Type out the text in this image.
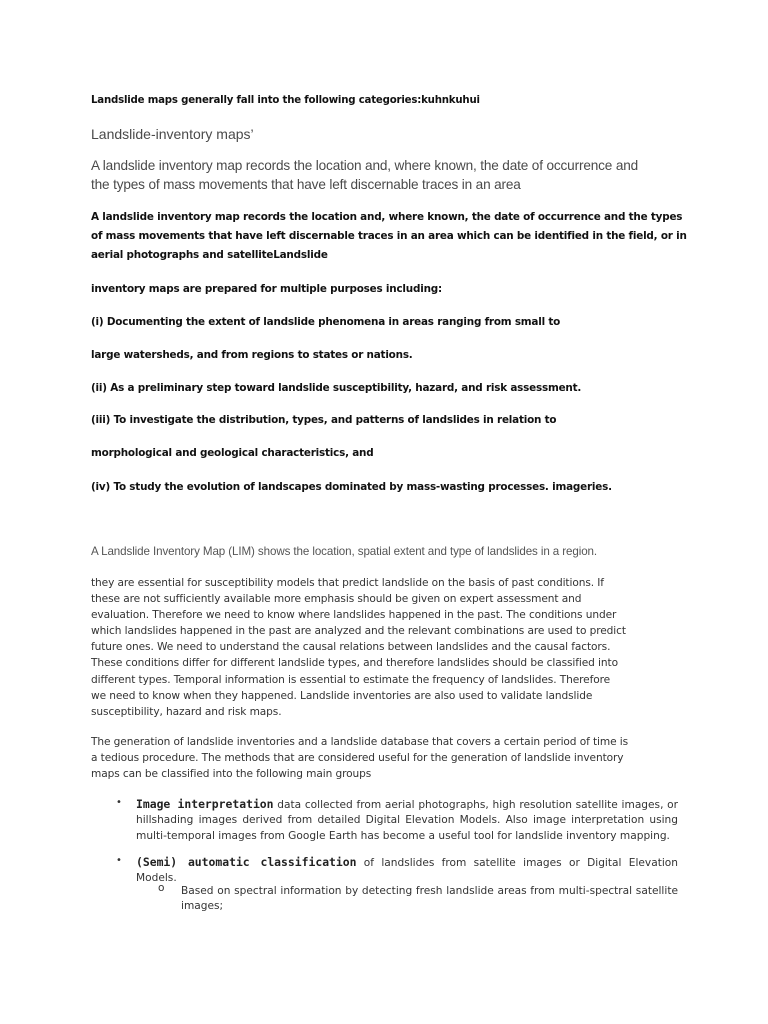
Landslide maps generally fall into the following categories:kuhnkuhui

Landslide-inventory maps’

A landslide inventory map records the location and, where known, the date of occurrence and

the types of mass movements that have left discernable traces in an area

A landslide inventory map records the location and, where known, the date of occurrence and the types

of mass movements that have left discernable traces in an area which can be identified in the field, or in

aerial photographs and satelliteLandslide

inventory maps are prepared for multiple purposes including:

(i) Documenting the extent of landslide phenomena in areas ranging from small to

large watersheds, and from regions to states or nations.

(ii) As a preliminary step toward landslide susceptibility, hazard, and risk assessment.

(iii) To investigate the distribution, types, and patterns of landslides in relation to

morphological and geological characteristics, and

(iv) To study the evolution of landscapes dominated by mass-wasting processes. imageries.

A Landslide Inventory Map (LIM) shows the location, spatial extent and type of landslides in a region.

they are essential for susceptibility models that predict landslide on the basis of past conditions. If
these are not sufficiently available more emphasis should be given on expert assessment and
evaluation. Therefore we need to know where landslides happened in the past. The conditions under
which landslides happened in the past are analyzed and the relevant combinations are used to predict
future ones. We need to understand the causal relations between landslides and the causal factors.
These conditions differ for different landslide types, and therefore landslides should be classified into
different types. Temporal information is essential to estimate the frequency of landslides. Therefore
we need to know when they happened. Landslide inventories are also used to validate landslide
susceptibility, hazard and risk maps.
The generation of landslide inventories and a landslide database that covers a certain period of time is
a tedious procedure. The methods that are considered useful for the generation of landslide inventory
maps can be classified into the following main groups
• Image interpretation data collected from aerial photographs, high resolution satellite images, or hillshading images derived from detailed Digital Elevation Models. Also image interpretation using multi-temporal images from Google Earth has become a useful tool for landslide inventory mapping.

• (Semi) automatic classification of landslides from satellite images or Digital Elevation Models.

o Based on spectral information by detecting fresh landslide areas from multi-spectral satellite images;
